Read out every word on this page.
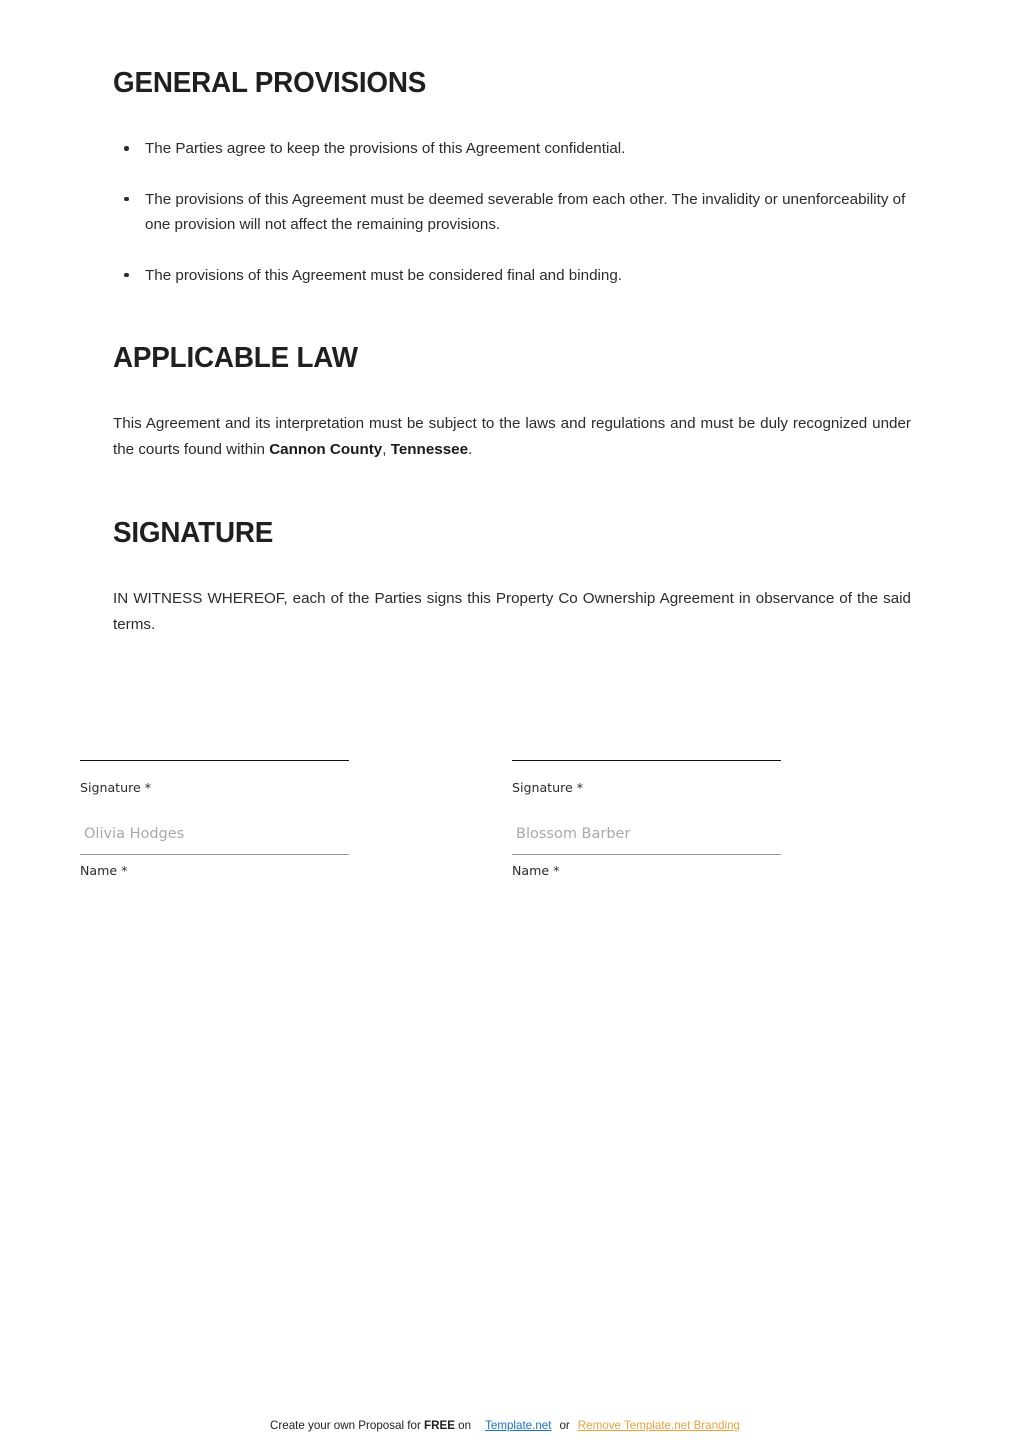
GENERAL PROVISIONS
The Parties agree to keep the provisions of this Agreement confidential.
The provisions of this Agreement must be deemed severable from each other. The invalidity or unenforceability of one provision will not affect the remaining provisions.
The provisions of this Agreement must be considered final and binding.
APPLICABLE LAW

This Agreement and its interpretation must be subject to the laws and regulations and must be duly recognized under the courts found within Cannon County, Tennessee.

SIGNATURE

IN WITNESS WHEREOF, each of the Parties signs this Property Co Ownership Agreement in observance of the said terms.

Signature *
Olivia Hodges
Name *
Signature *
Blossom Barber
Name *
Create your own Proposal for FREE on Template.net or Remove Template.net Branding
